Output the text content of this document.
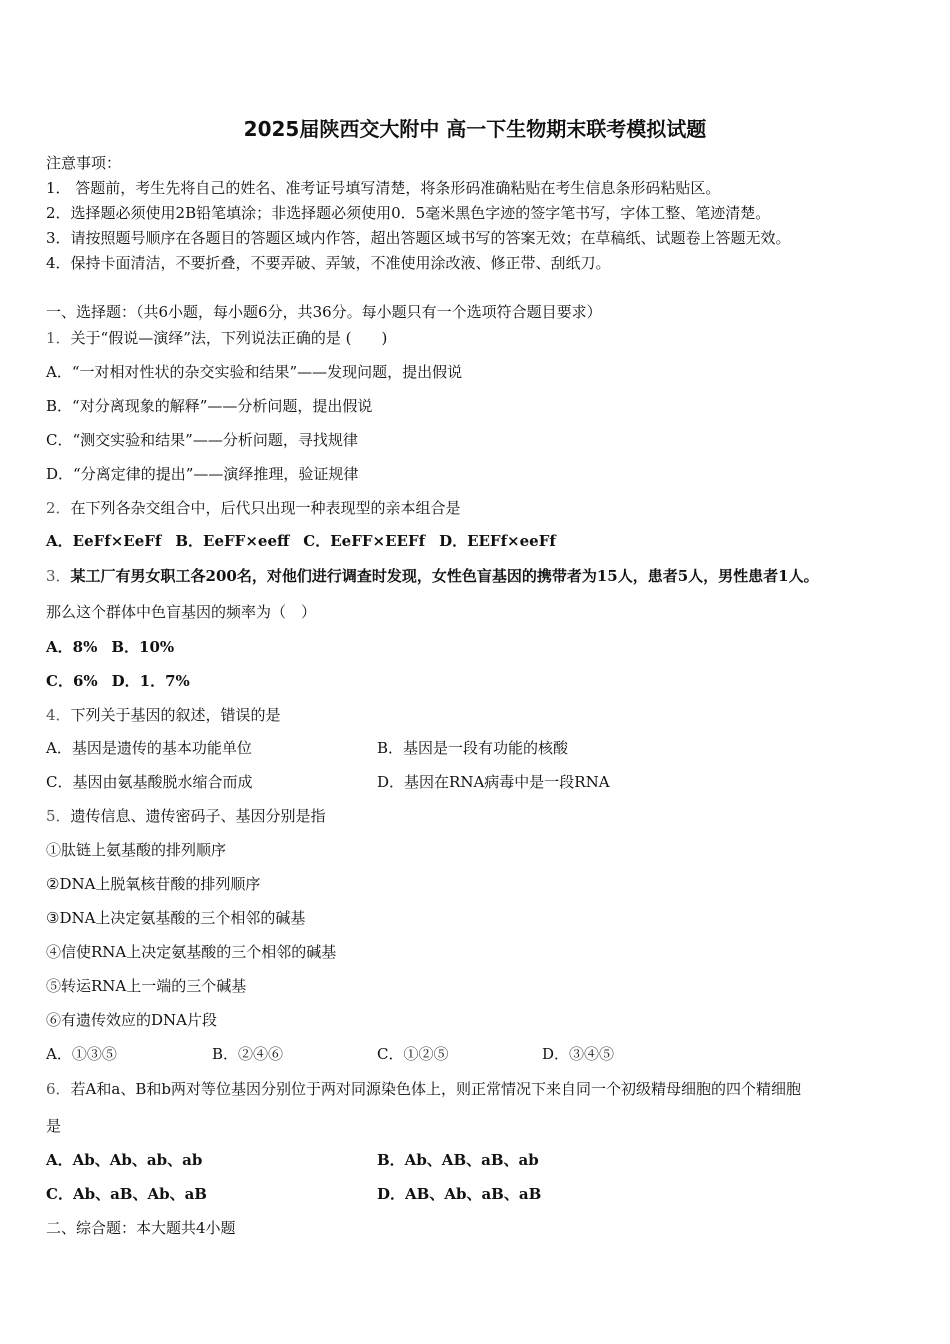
2025届陕西交大附中 高一下生物期末联考模拟试题
注意事项：
1． 答题前，考生先将自己的姓名、准考证号填写清楚，将条形码准确粘贴在考生信息条形码粘贴区。
2．选择题必须使用2B铅笔填涂；非选择题必须使用0．5毫米黑色字迹的签字笔书写，字体工整、笔迹清楚。
3．请按照题号顺序在各题目的答题区域内作答，超出答题区域书写的答案无效；在草稿纸、试题卷上答题无效。
4．保持卡面清洁，不要折叠，不要弄破、弄皱，不准使用涂改液、修正带、刮纸刀。
一、选择题：（共6小题，每小题6分，共36分。每小题只有一个选项符合题目要求）
1．关于“假说—演绎”法，下列说法正确的是 (　　)
A．“一对相对性状的杂交实验和结果”——发现问题，提出假说
B．“对分离现象的解释”——分析问题，提出假说
C．“测交实验和结果”——分析问题，寻找规律
D．“分离定律的提出”——演绎推理，验证规律
2．在下列各杂交组合中，后代只出现一种表现型的亲本组合是
A．EeFf×EeFf B．EeFF×eeff C．EeFF×EEFf D．EEFf×eeFf
3．某工厂有男女职工各200名，对他们进行调查时发现，女性色盲基因的携带者为15人，患者5人，男性患者1人。
那么这个群体中色盲基因的频率为（　）
A．8% B．10%
C．6% D．1．7%
4．下列关于基因的叙述，错误的是
A．基因是遗传的基本功能单位	B．基因是一段有功能的核酸
C．基因由氨基酸脱水缩合而成	D．基因在RNA病毒中是一段RNA
5．遗传信息、遗传密码子、基因分别是指
①肽链上氨基酸的排列顺序
②DNA上脱氧核苷酸的排列顺序
③DNA上决定氨基酸的三个相邻的碱基
④信使RNA上决定氨基酸的三个相邻的碱基
⑤转运RNA上一端的三个碱基
⑥有遗传效应的DNA片段
A．①③⑤	B．②④⑥	C．①②⑤	D．③④⑤
6．若A和a、B和b两对等位基因分别位于两对同源染色体上，则正常情况下来自同一个初级精母细胞的四个精细胞
是
A．Ab、Ab、ab、ab	B．Ab、AB、aB、ab
C．Ab、aB、Ab、aB	D．AB、Ab、aB、aB
二、综合题：本大题共4小题
